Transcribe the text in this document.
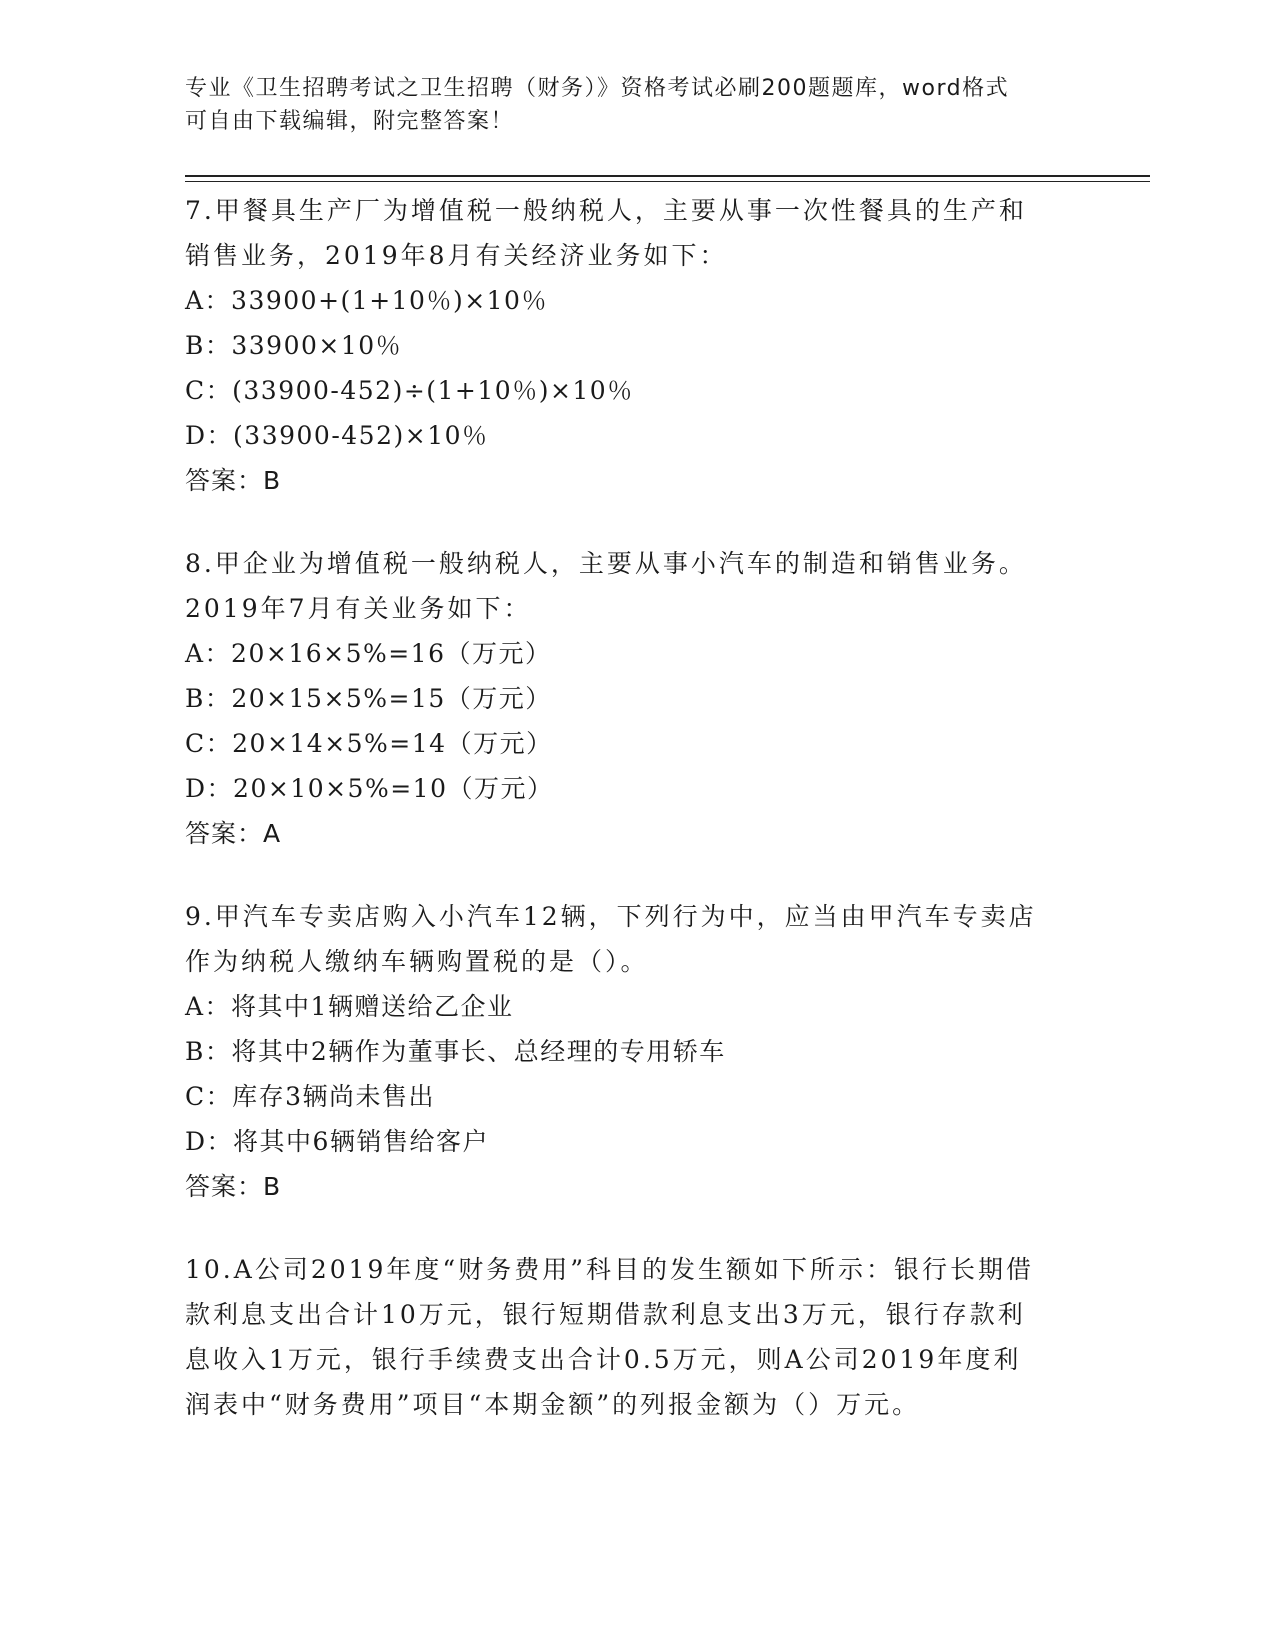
专业《卫生招聘考试之卫生招聘（财务）》资格考试必刷200题题库，word格式
可自由下载编辑，附完整答案！
7.甲餐具生产厂为增值税一般纳税人，主要从事一次性餐具的生产和
销售业务，2019年8月有关经济业务如下：
A：33900+(1+10％)×10％
B：33900×10％
C：(33900-452)÷(1+10％)×10％
D：(33900-452)×10％
答案：B
8.甲企业为增值税一般纳税人，主要从事小汽车的制造和销售业务。
2019年7月有关业务如下：
A：20×16×5%=16（万元）
B：20×15×5%=15（万元）
C：20×14×5%=14（万元）
D：20×10×5%=10（万元）
答案：A
9.甲汽车专卖店购入小汽车12辆，下列行为中，应当由甲汽车专卖店
作为纳税人缴纳车辆购置税的是（）。
A：将其中1辆赠送给乙企业
B：将其中2辆作为董事长、总经理的专用轿车
C：库存3辆尚未售出
D：将其中6辆销售给客户
答案：B
10.A公司2019年度“财务费用”科目的发生额如下所示：银行长期借
款利息支出合计10万元，银行短期借款利息支出3万元，银行存款利
息收入1万元，银行手续费支出合计0.5万元，则A公司2019年度利
润表中“财务费用”项目“本期金额”的列报金额为（）万元。
